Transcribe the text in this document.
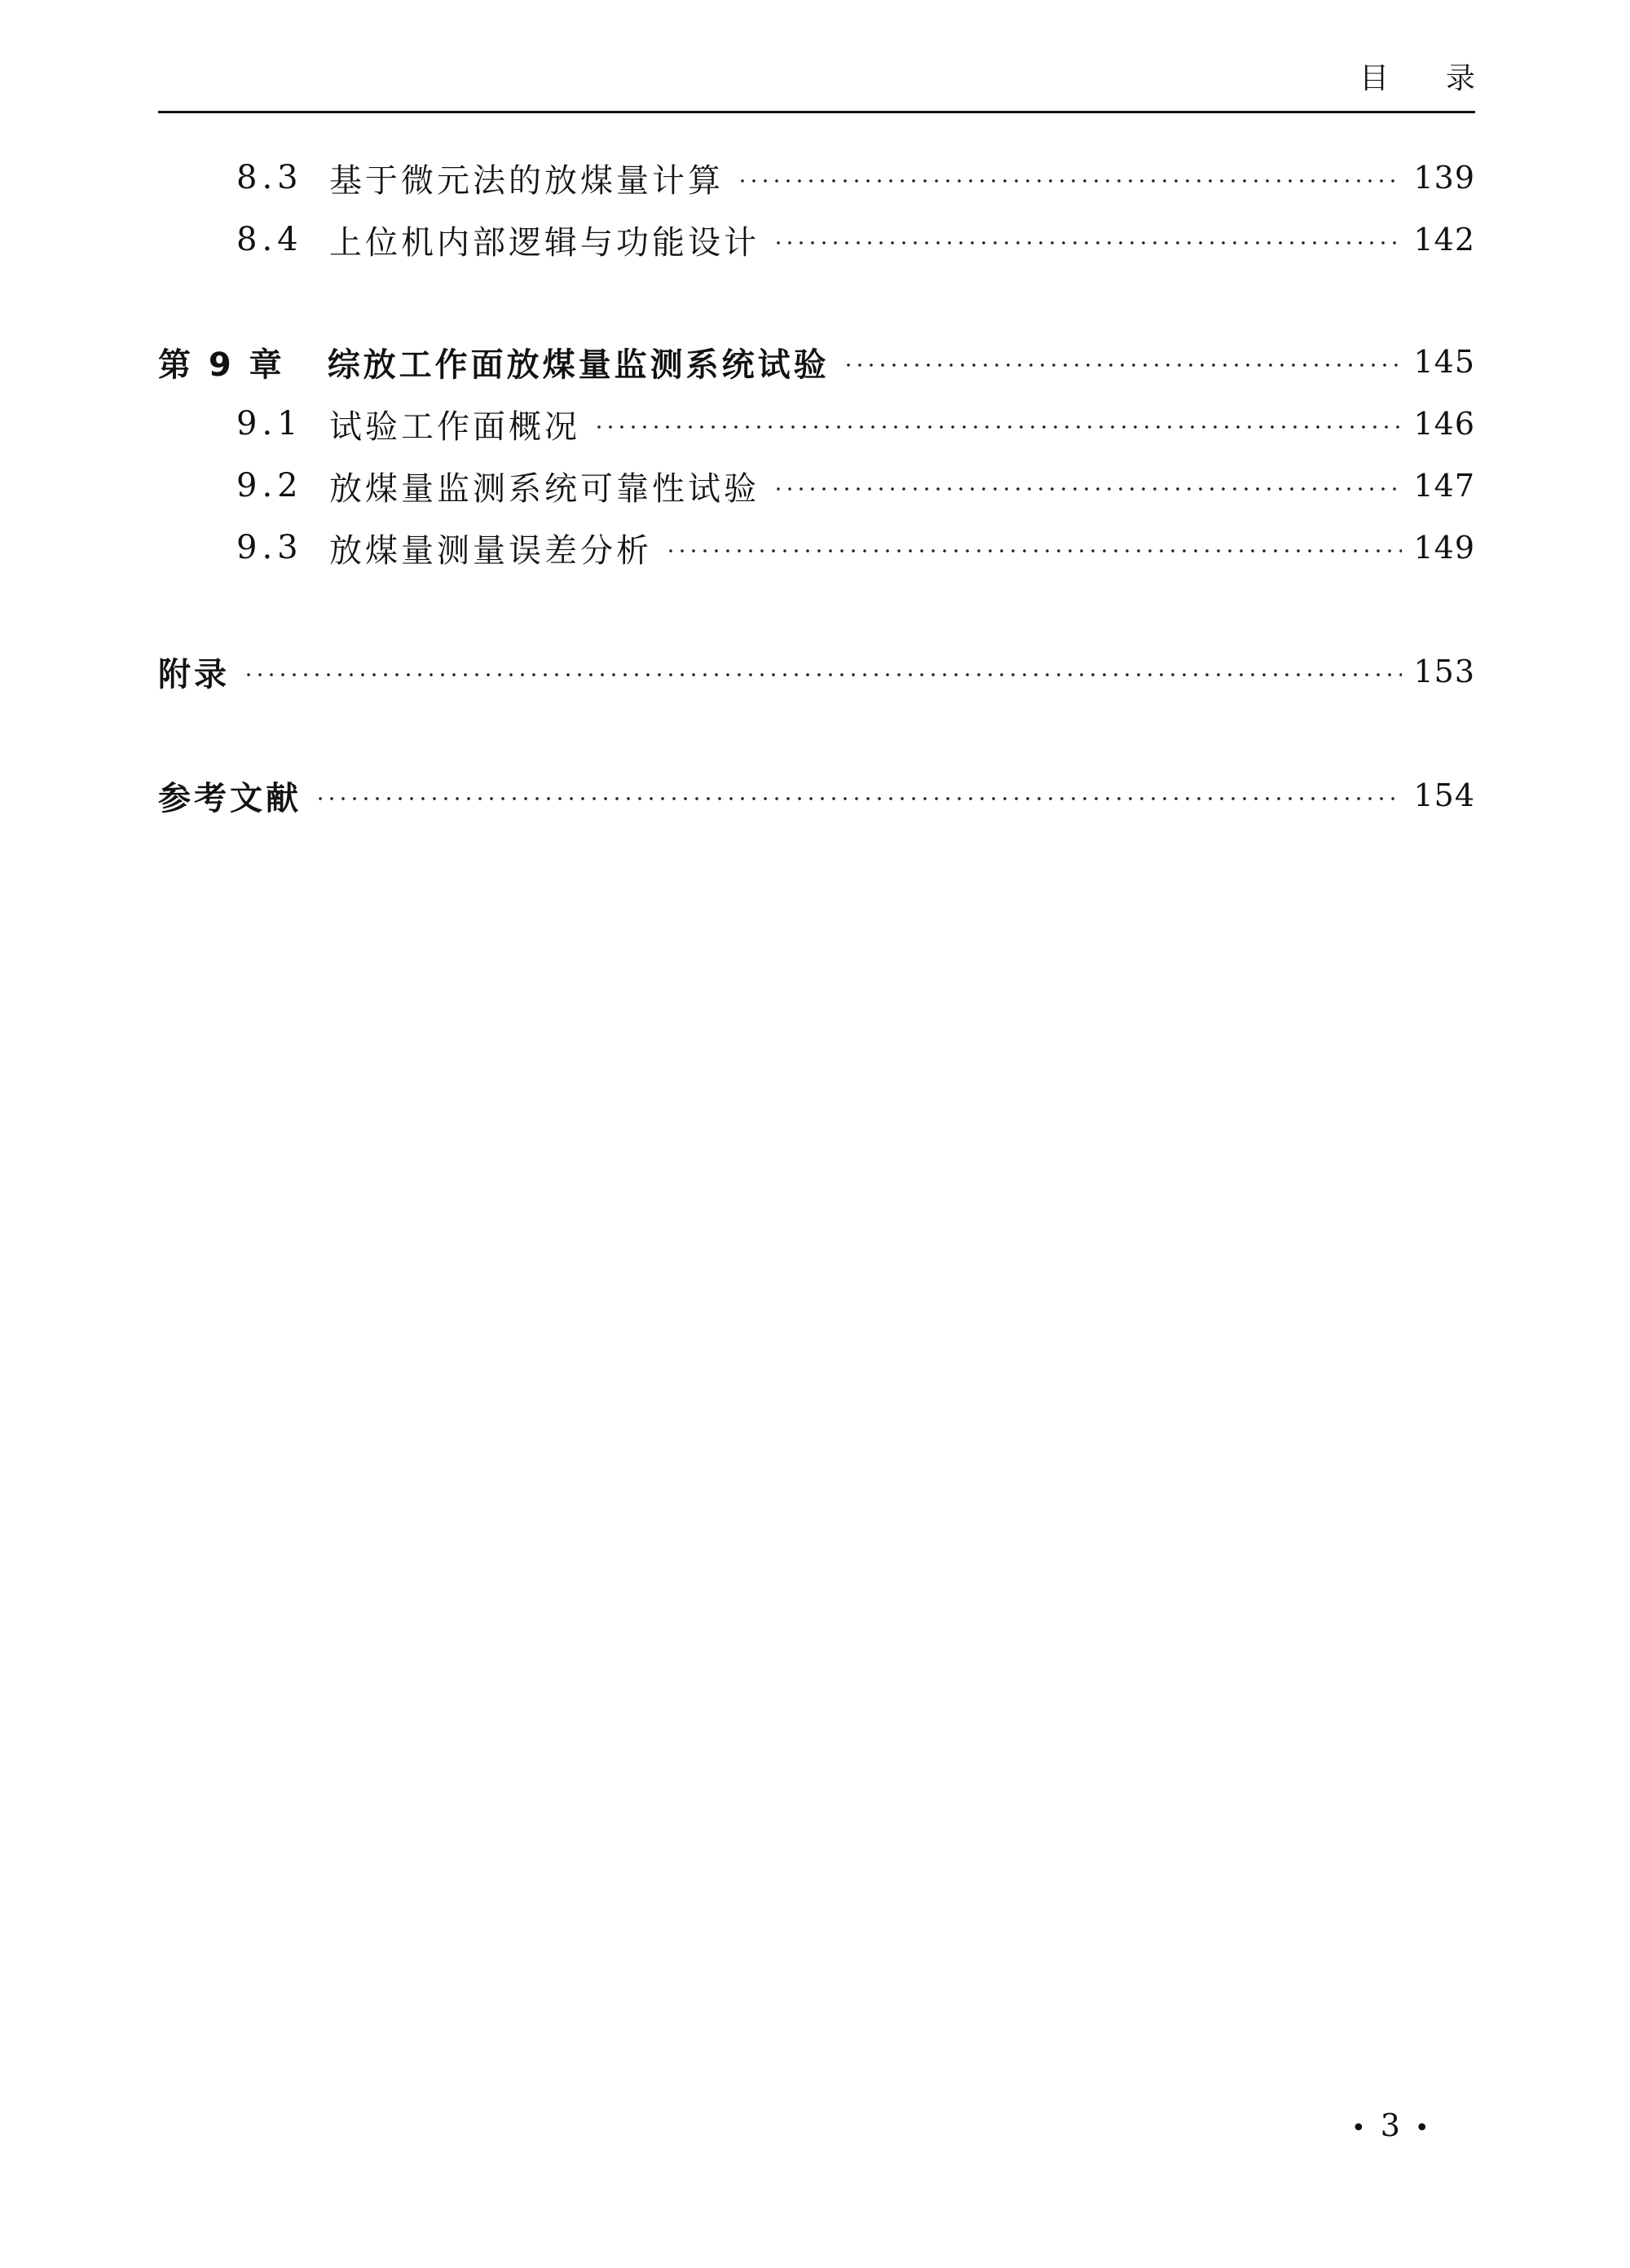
目录
8.3 基于微元法的放煤量计算	139
8.4 上位机内部逻辑与功能设计	142
第 9 章 综放工作面放煤量监测系统试验	145
9.1 试验工作面概况	146
9.2 放煤量监测系统可靠性试验	147
9.3 放煤量测量误差分析	149
附录	153
参考文献	154
• 3 •
